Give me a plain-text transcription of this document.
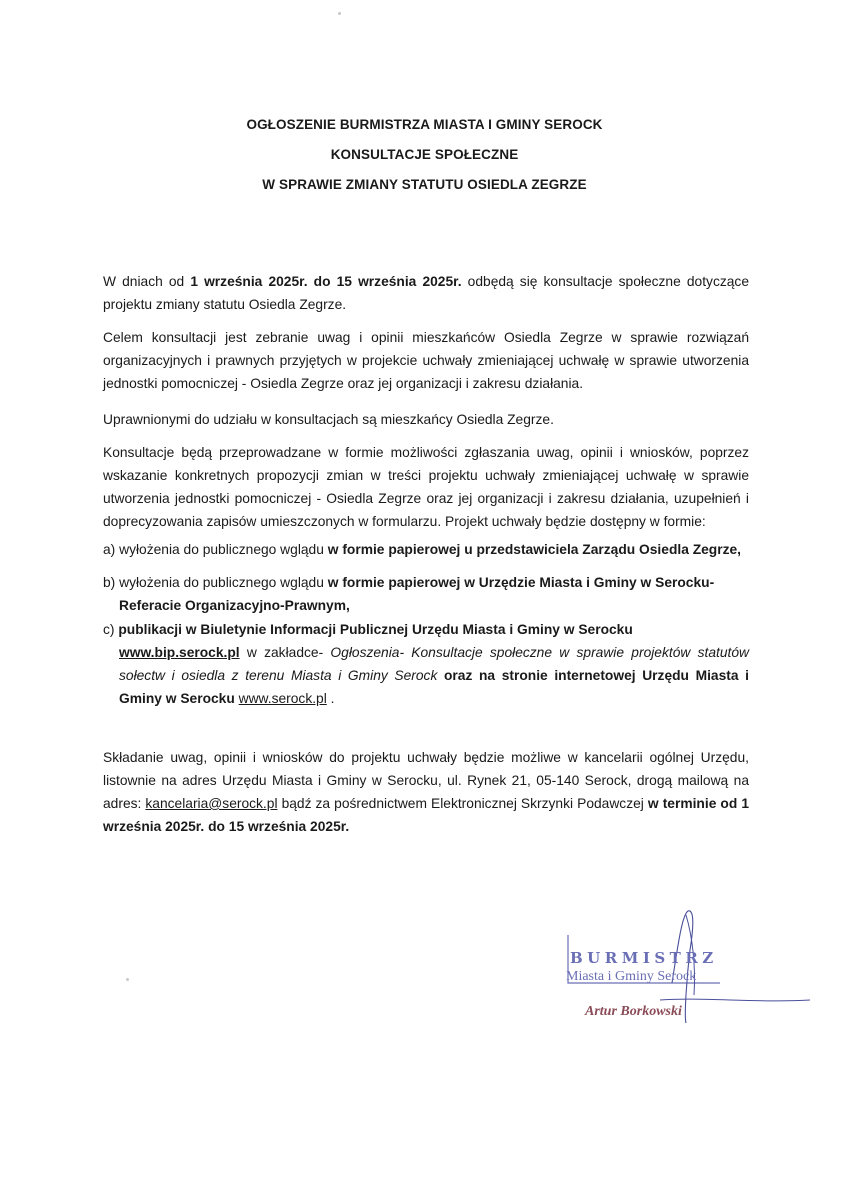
OGŁOSZENIE BURMISTRZA MIASTA I GMINY SEROCK
KONSULTACJE SPOŁECZNE
W SPRAWIE ZMIANY STATUTU OSIEDLA ZEGRZE
W dniach od 1 września 2025r. do 15 września 2025r. odbędą się konsultacje społeczne dotyczące projektu zmiany statutu Osiedla Zegrze.
Celem konsultacji jest zebranie uwag i opinii mieszkańców Osiedla Zegrze w sprawie rozwiązań organizacyjnych i prawnych przyjętych w projekcie uchwały zmieniającej uchwałę w sprawie utworzenia jednostki pomocniczej - Osiedla Zegrze oraz jej organizacji i zakresu działania.
Uprawnionymi do udziału w konsultacjach są mieszkańcy Osiedla Zegrze.
Konsultacje będą przeprowadzane w formie możliwości zgłaszania uwag, opinii i wniosków, poprzez wskazanie konkretnych propozycji zmian w treści projektu uchwały zmieniającej uchwałę w sprawie utworzenia jednostki pomocniczej - Osiedla Zegrze oraz jej organizacji i zakresu działania, uzupełnień i doprecyzowania zapisów umieszczonych w formularzu. Projekt uchwały będzie dostępny w formie:
a) wyłożenia do publicznego wglądu w formie papierowej u przedstawiciela Zarządu Osiedla Zegrze,
b) wyłożenia do publicznego wglądu w formie papierowej w Urzędzie Miasta i Gminy w Serocku-
Referacie Organizacyjno-Prawnym,
c) publikacji w Biuletynie Informacji Publicznej Urzędu Miasta i Gminy w Serocku
www.bip.serock.pl w zakładce- Ogłoszenia- Konsultacje społeczne w sprawie projektów statutów sołectw i osiedla z terenu Miasta i Gminy Serock oraz na stronie internetowej Urzędu Miasta i Gminy w Serocku www.serock.pl .
Składanie uwag, opinii i wniosków do projektu uchwały będzie możliwe w kancelarii ogólnej Urzędu, listownie na adres Urzędu Miasta i Gminy w Serocku, ul. Rynek 21, 05-140 Serock, drogą mailową na adres: kancelaria@serock.pl bądź za pośrednictwem Elektronicznej Skrzynki Podawczej w terminie od 1 września 2025r. do 15 września 2025r.
BURMISTRZ
Miasta i Gminy Serock
Artur Borkowski
